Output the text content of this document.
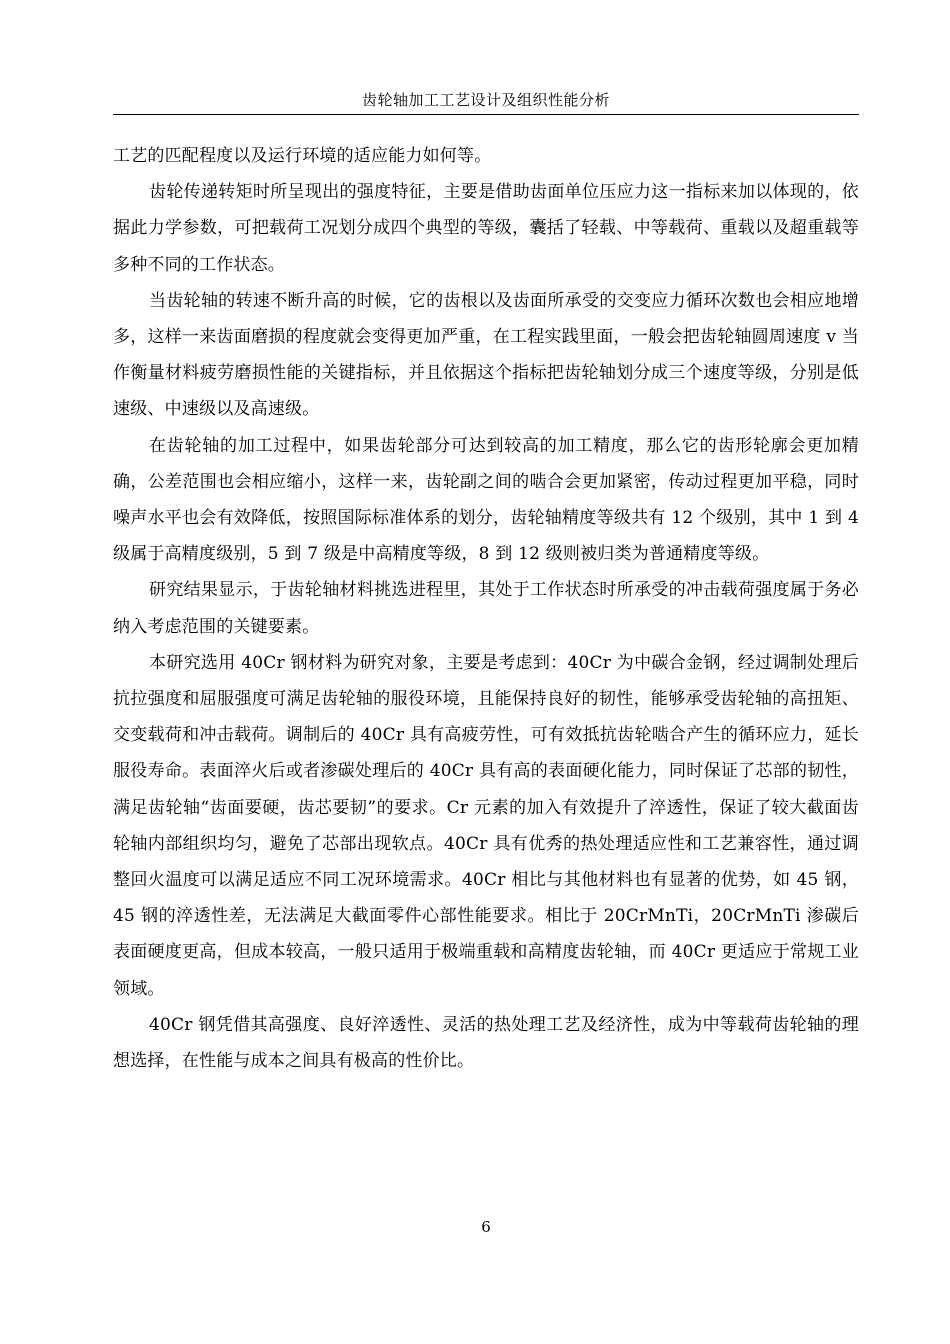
齿轮轴加工工艺设计及组织性能分析

工艺的匹配程度以及运行环境的适应能力如何等。

齿轮传递转矩时所呈现出的强度特征，主要是借助齿面单位压应力这一指标来加以体现的，依据此力学参数，可把载荷工况划分成四个典型的等级，囊括了轻载、中等载荷、重载以及超重载等多种不同的工作状态。

当齿轮轴的转速不断升高的时候，它的齿根以及齿面所承受的交变应力循环次数也会相应地增多，这样一来齿面磨损的程度就会变得更加严重，在工程实践里面，一般会把齿轮轴圆周速度 v 当作衡量材料疲劳磨损性能的关键指标，并且依据这个指标把齿轮轴划分成三个速度等级，分别是低速级、中速级以及高速级。

在齿轮轴的加工过程中，如果齿轮部分可达到较高的加工精度，那么它的齿形轮廓会更加精确，公差范围也会相应缩小，这样一来，齿轮副之间的啮合会更加紧密，传动过程更加平稳，同时噪声水平也会有效降低，按照国际标准体系的划分，齿轮轴精度等级共有 12 个级别，其中 1 到 4 级属于高精度级别，5 到 7 级是中高精度等级，8 到 12 级则被归类为普通精度等级。

研究结果显示，于齿轮轴材料挑选进程里，其处于工作状态时所承受的冲击载荷强度属于务必纳入考虑范围的关键要素。

本研究选用 40Cr 钢材料为研究对象，主要是考虑到：40Cr 为中碳合金钢，经过调制处理后抗拉强度和屈服强度可满足齿轮轴的服役环境，且能保持良好的韧性，能够承受齿轮轴的高扭矩、交变载荷和冲击载荷。调制后的 40Cr 具有高疲劳性，可有效抵抗齿轮啮合产生的循环应力，延长服役寿命。表面淬火后或者渗碳处理后的 40Cr 具有高的表面硬化能力，同时保证了芯部的韧性，满足齿轮轴“齿面要硬，齿芯要韧”的要求。Cr 元素的加入有效提升了淬透性，保证了较大截面齿轮轴内部组织均匀，避免了芯部出现软点。40Cr 具有优秀的热处理适应性和工艺兼容性，通过调整回火温度可以满足适应不同工况环境需求。40Cr 相比与其他材料也有显著的优势，如 45 钢，45 钢的淬透性差，无法满足大截面零件心部性能要求。相比于 20CrMnTi，20CrMnTi 渗碳后表面硬度更高，但成本较高，一般只适用于极端重载和高精度齿轮轴，而 40Cr 更适应于常规工业领域。

40Cr 钢凭借其高强度、良好淬透性、灵活的热处理工艺及经济性，成为中等载荷齿轮轴的理想选择，在性能与成本之间具有极高的性价比。

6
